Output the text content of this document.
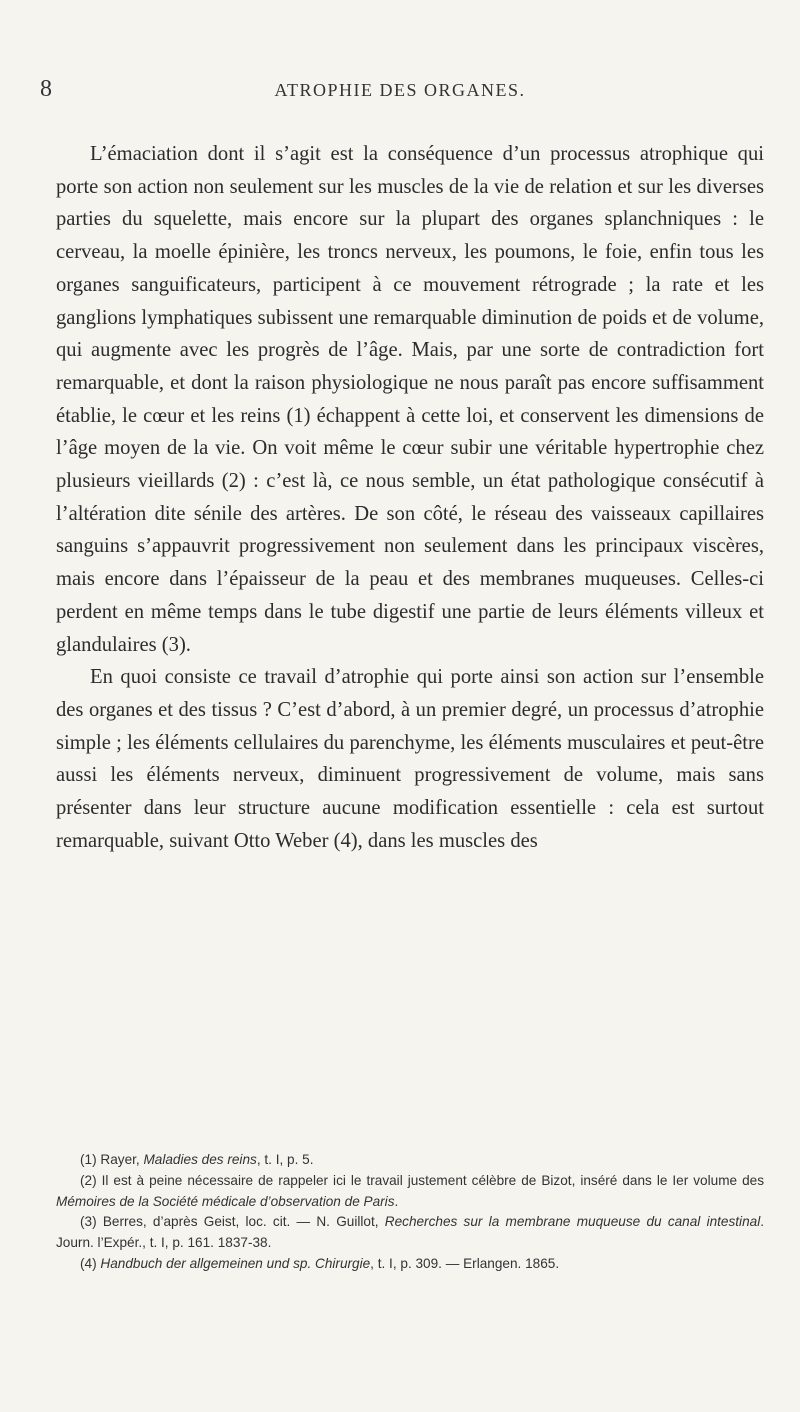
8	ATROPHIE DES ORGANES.

L’émaciation dont il s’agit est la conséquence d’un processus atrophique qui porte son action non seulement sur les muscles de la vie de relation et sur les diverses parties du squelette, mais encore sur la plupart des organes splanchniques : le cerveau, la moelle épinière, les troncs nerveux, les poumons, le foie, enfin tous les organes sanguificateurs, participent à ce mouvement rétrograde ; la rate et les ganglions lymphatiques subissent une remarquable diminution de poids et de volume, qui augmente avec les progrès de l’âge. Mais, par une sorte de contradiction fort remarquable, et dont la raison physiologique ne nous paraît pas encore suffisamment établie, le cœur et les reins (1) échappent à cette loi, et conservent les dimensions de l’âge moyen de la vie. On voit même le cœur subir une véritable hypertrophie chez plusieurs vieillards (2) : c’est là, ce nous semble, un état pathologique consécutif à l’altération dite sénile des artères. De son côté, le réseau des vaisseaux capillaires sanguins s’appauvrit progressivement non seulement dans les principaux viscères, mais encore dans l’épaisseur de la peau et des membranes muqueuses. Celles-ci perdent en même temps dans le tube digestif une partie de leurs éléments villeux et glandulaires (3).

En quoi consiste ce travail d’atrophie qui porte ainsi son action sur l’ensemble des organes et des tissus ? C’est d’abord, à un premier degré, un processus d’atrophie simple ; les éléments cellulaires du parenchyme, les éléments musculaires et peut-être aussi les éléments nerveux, diminuent progressivement de volume, mais sans présenter dans leur structure aucune modification essentielle : cela est surtout remarquable, suivant Otto Weber (4), dans les muscles des

(1) Rayer, Maladies des reins, t. I, p. 5.

(2) Il est à peine nécessaire de rappeler ici le travail justement célèbre de Bizot, inséré dans le Ier volume des Mémoires de la Société médicale d’observation de Paris.

(3) Berres, d’après Geist, loc. cit. — N. Guillot, Recherches sur la membrane muqueuse du canal intestinal. Journ. l’Expér., t. I, p. 161. 1837-38.

(4) Handbuch der allgemeinen und sp. Chirurgie, t. I, p. 309. — Erlangen. 1865.
